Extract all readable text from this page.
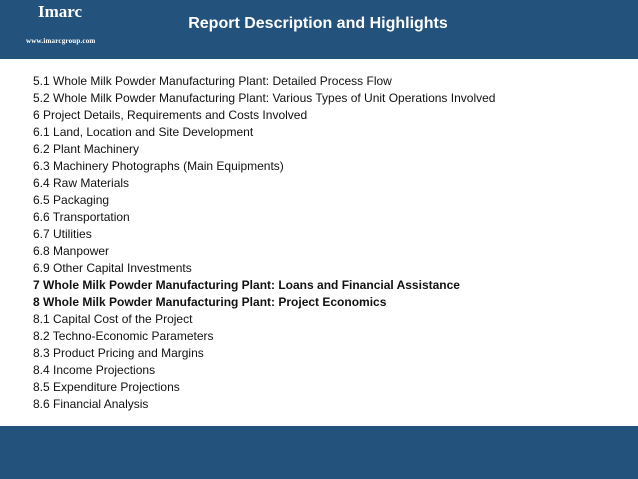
Imarc
www.imarcgroup.com
Report Description and Highlights
5.1 Whole Milk Powder Manufacturing Plant: Detailed Process Flow
5.2 Whole Milk Powder Manufacturing Plant: Various Types of Unit Operations Involved
6 Project Details, Requirements and Costs Involved
6.1 Land, Location and Site Development
6.2 Plant Machinery
6.3 Machinery Photographs (Main Equipments)
6.4 Raw Materials
6.5 Packaging
6.6 Transportation
6.7 Utilities
6.8 Manpower
6.9 Other Capital Investments
7 Whole Milk Powder Manufacturing Plant: Loans and Financial Assistance
8 Whole Milk Powder Manufacturing Plant: Project Economics
8.1 Capital Cost of the Project
8.2 Techno-Economic Parameters
8.3 Product Pricing and Margins
8.4 Income Projections
8.5 Expenditure Projections
8.6 Financial Analysis
